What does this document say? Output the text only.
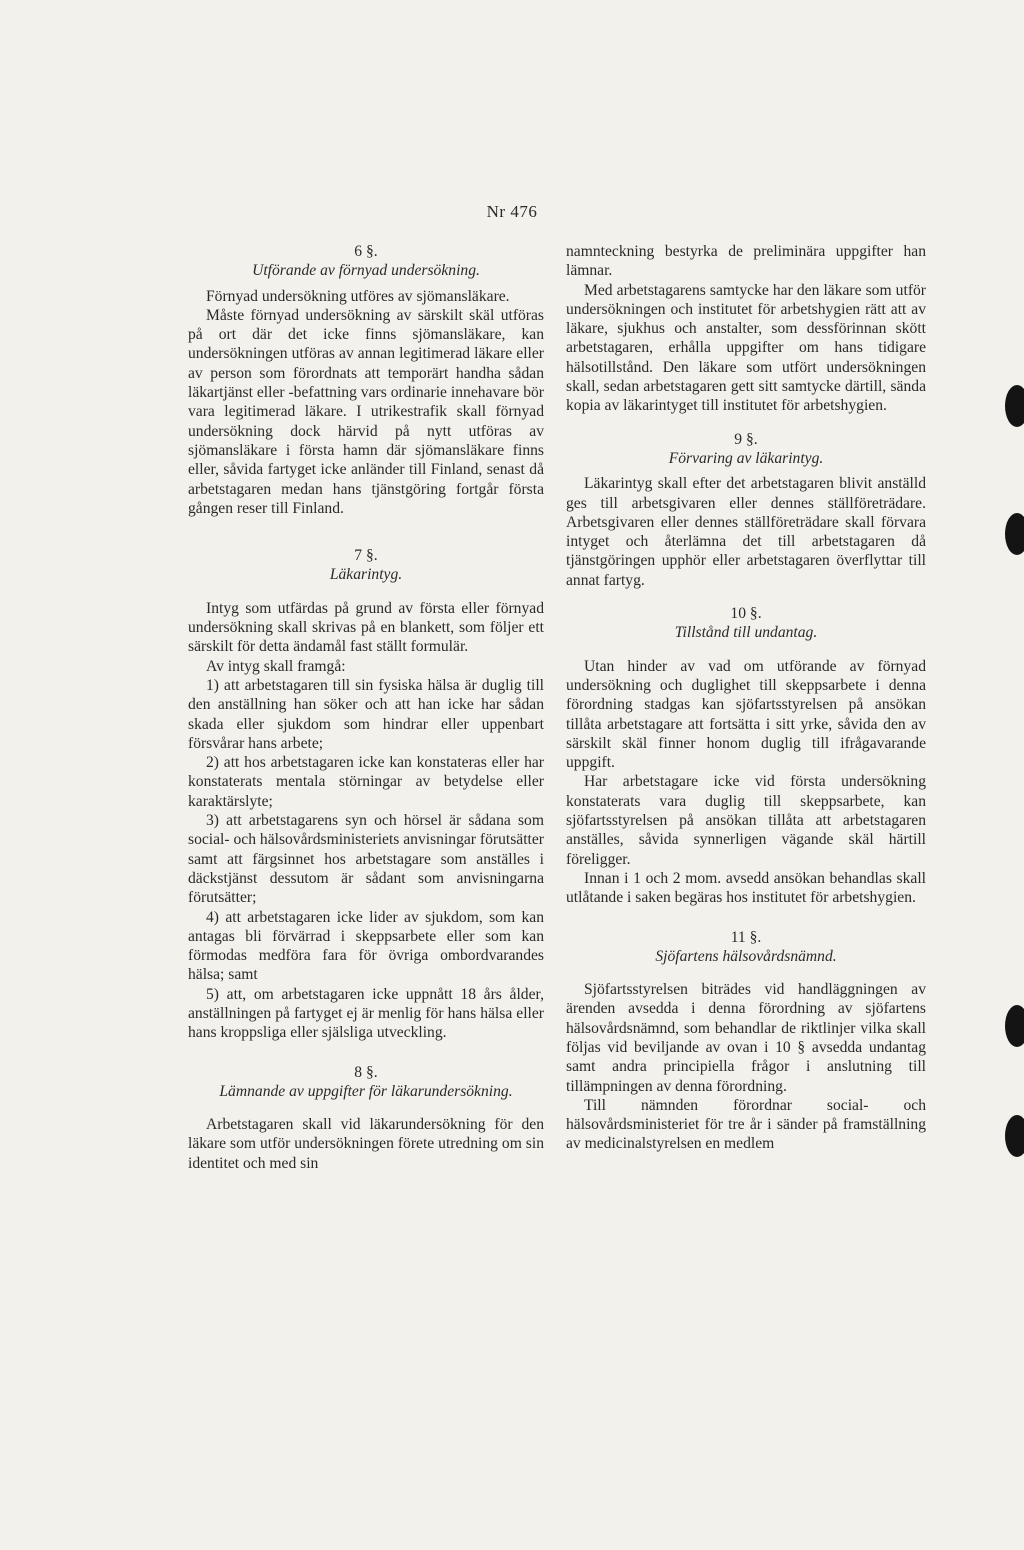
Nr 476
6 §.
Utförande av förnyad undersökning.

Förnyad undersökning utföres av sjömansläkare.

Måste förnyad undersökning av särskilt skäl utföras på ort där det icke finns sjömansläkare, kan undersökningen utföras av annan legitimerad läkare eller av person som förordnats att temporärt handha sådan läkartjänst eller -befattning vars ordinarie innehavare bör vara legitimerad läkare. I utrikestrafik skall förnyad undersökning dock härvid på nytt utföras av sjömansläkare i första hamn där sjömansläkare finns eller, såvida fartyget icke anländer till Finland, senast då arbetstagaren medan hans tjänstgöring fortgår första gången reser till Finland.

7 §.
Läkarintyg.

Intyg som utfärdas på grund av första eller förnyad undersökning skall skrivas på en blankett, som följer ett särskilt för detta ändamål fast ställt formulär.

Av intyg skall framgå:

1) att arbetstagaren till sin fysiska hälsa är duglig till den anställning han söker och att han icke har sådan skada eller sjukdom som hindrar eller uppenbart försvårar hans arbete;

2) att hos arbetstagaren icke kan konstateras eller har konstaterats mentala störningar av betydelse eller karaktärslyte;

3) att arbetstagarens syn och hörsel är sådana som social- och hälsovårdsministeriets anvisningar förutsätter samt att färgsinnet hos arbetstagare som anställes i däckstjänst dessutom är sådant som anvisningarna förutsätter;

4) att arbetstagaren icke lider av sjukdom, som kan antagas bli förvärrad i skeppsarbete eller som kan förmodas medföra fara för övriga ombordvarandes hälsa; samt

5) att, om arbetstagaren icke uppnått 18 års ålder, anställningen på fartyget ej är menlig för hans hälsa eller hans kroppsliga eller själsliga utveckling.

8 §.
Lämnande av uppgifter för läkarundersökning.

Arbetstagaren skall vid läkarundersökning för den läkare som utför undersökningen förete utredning om sin identitet och med sin

namnteckning bestyrka de preliminära uppgifter han lämnar.

Med arbetstagarens samtycke har den läkare som utför undersökningen och institutet för arbetshygien rätt att av läkare, sjukhus och anstalter, som dessförinnan skött arbetstagaren, erhålla uppgifter om hans tidigare hälsotillstånd. Den läkare som utfört undersökningen skall, sedan arbetstagaren gett sitt samtycke därtill, sända kopia av läkarintyget till institutet för arbetshygien.

9 §.
Förvaring av läkarintyg.

Läkarintyg skall efter det arbetstagaren blivit anställd ges till arbetsgivaren eller dennes ställföreträdare. Arbetsgivaren eller dennes ställföreträdare skall förvara intyget och återlämna det till arbetstagaren då tjänstgöringen upphör eller arbetstagaren överflyttar till annat fartyg.

10 §.
Tillstånd till undantag.

Utan hinder av vad om utförande av förnyad undersökning och duglighet till skeppsarbete i denna förordning stadgas kan sjöfartsstyrelsen på ansökan tillåta arbetstagare att fortsätta i sitt yrke, såvida den av särskilt skäl finner honom duglig till ifrågavarande uppgift.

Har arbetstagare icke vid första undersökning konstaterats vara duglig till skeppsarbete, kan sjöfartsstyrelsen på ansökan tillåta att arbetstagaren anställes, såvida synnerligen vägande skäl härtill föreligger.

Innan i 1 och 2 mom. avsedd ansökan behandlas skall utlåtande i saken begäras hos institutet för arbetshygien.

11 §.
Sjöfartens hälsovårdsnämnd.

Sjöfartsstyrelsen biträdes vid handläggningen av ärenden avsedda i denna förordning av sjöfartens hälsovårdsnämnd, som behandlar de riktlinjer vilka skall följas vid beviljande av ovan i 10 § avsedda undantag samt andra principiella frågor i anslutning till tillämpningen av denna förordning.

Till nämnden förordnar social- och hälsovårdsministeriet för tre år i sänder på framställning av medicinalstyrelsen en medlem
